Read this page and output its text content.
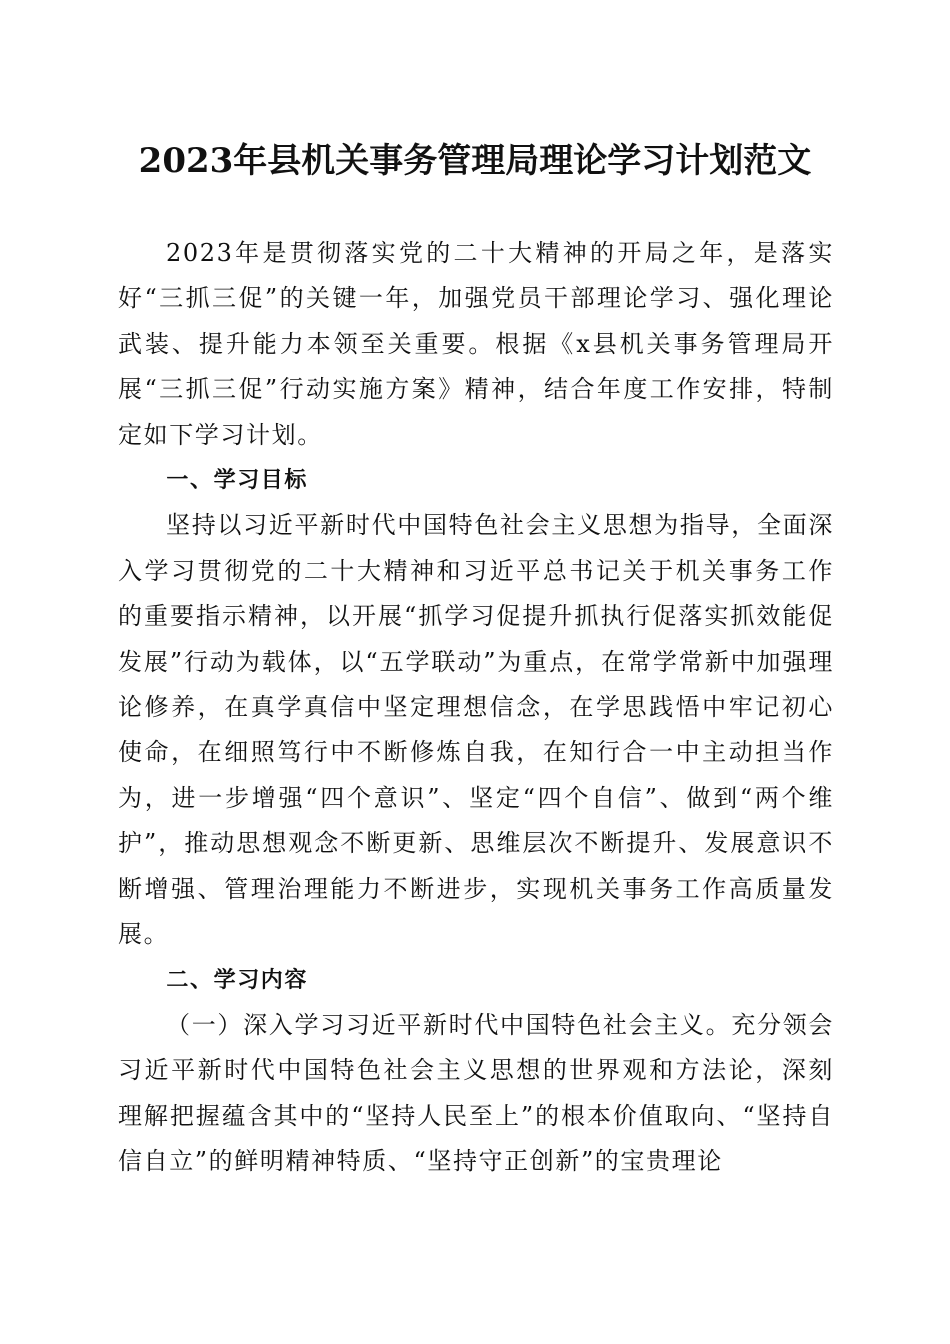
2023年县机关事务管理局理论学习计划范文

2023年是贯彻落实党的二十大精神的开局之年，是落实好“三抓三促”的关键一年，加强党员干部理论学习、强化理论武装、提升能力本领至关重要。根据《x县机关事务管理局开展“三抓三促”行动实施方案》精神，结合年度工作安排，特制定如下学习计划。

一、学习目标

坚持以习近平新时代中国特色社会主义思想为指导，全面深入学习贯彻党的二十大精神和习近平总书记关于机关事务工作的重要指示精神，以开展“抓学习促提升抓执行促落实抓效能促发展”行动为载体，以“五学联动”为重点，在常学常新中加强理论修养，在真学真信中坚定理想信念，在学思践悟中牢记初心使命，在细照笃行中不断修炼自我，在知行合一中主动担当作为，进一步增强“四个意识”、坚定“四个自信”、做到“两个维护”，推动思想观念不断更新、思维层次不断提升、发展意识不断增强、管理治理能力不断进步，实现机关事务工作高质量发展。

二、学习内容

（一）深入学习习近平新时代中国特色社会主义。充分领会习近平新时代中国特色社会主义思想的世界观和方法论，深刻理解把握蕴含其中的“坚持人民至上”的根本价值取向、“坚持自信自立”的鲜明精神特质、“坚持守正创新”的宝贵理论
